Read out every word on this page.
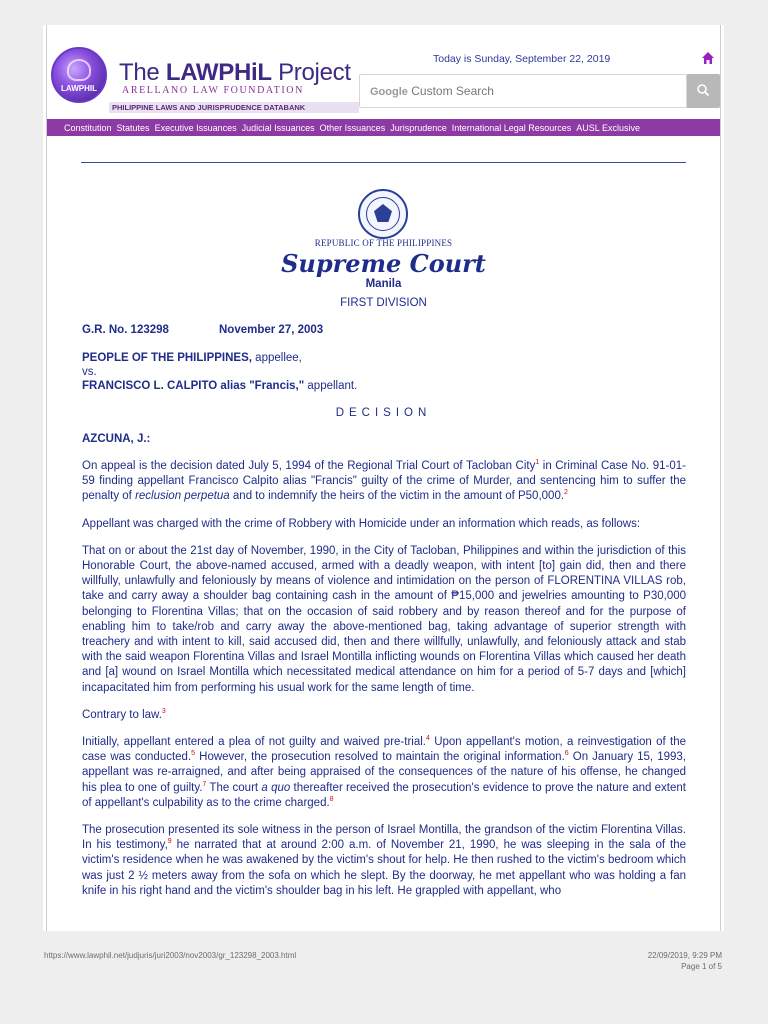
LAWPHIL
The LAWPHiL Project
ARELLANO LAW FOUNDATION
PHILIPPINE LAWS AND JURISPRUDENCE DATABANK
Today is Sunday, September 22, 2019
Google Custom Search
Constitution Statutes Executive Issuances Judicial Issuances Other Issuances Jurisprudence International Legal Resources AUSL Exclusive
REPUBLIC OF THE PHILIPPINES
Supreme Court
Manila
FIRST DIVISION
G.R. No. 123298	November 27, 2003
PEOPLE OF THE PHILIPPINES, appellee,
vs.
FRANCISCO L. CALPITO alias "Francis," appellant.
DECISION
AZCUNA, J.:

On appeal is the decision dated July 5, 1994 of the Regional Trial Court of Tacloban City$^1$ in Criminal Case No. 91-01-59 finding appellant Francisco Calpito alias "Francis" guilty of the crime of Murder, and sentencing him to suffer the penalty of reclusion perpetua and to indemnify the heirs of the victim in the amount of P50,000.$^2$

Appellant was charged with the crime of Robbery with Homicide under an information which reads, as follows:

That on or about the 21st day of November, 1990, in the City of Tacloban, Philippines and within the jurisdiction of this Honorable Court, the above-named accused, armed with a deadly weapon, with intent [to] gain did, then and there willfully, unlawfully and feloniously by means of violence and intimidation on the person of FLORENTINA VILLAS rob, take and carry away a shoulder bag containing cash in the amount of ₱15,000 and jewelries amounting to P30,000 belonging to Florentina Villas; that on the occasion of said robbery and by reason thereof and for the purpose of enabling him to take/rob and carry away the above-mentioned bag, taking advantage of superior strength with treachery and with intent to kill, said accused did, then and there willfully, unlawfully, and feloniously attack and stab with the said weapon Florentina Villas and Israel Montilla inflicting wounds on Florentina Villas which caused her death and [a] wound on Israel Montilla which necessitated medical attendance on him for a period of 5-7 days and [which] incapacitated him from performing his usual work for the same length of time.

Contrary to law.$^3$

Initially, appellant entered a plea of not guilty and waived pre-trial.$^4$ Upon appellant's motion, a reinvestigation of the case was conducted.$^5$ However, the prosecution resolved to maintain the original information.$^6$ On January 15, 1993, appellant was re-arraigned, and after being appraised of the consequences of the nature of his offense, he changed his plea to one of guilty.$^7$ The court a quo thereafter received the prosecution's evidence to prove the nature and extent of appellant's culpability as to the crime charged.$^8$

The prosecution presented its sole witness in the person of Israel Montilla, the grandson of the victim Florentina Villas. In his testimony,$^9$ he narrated that at around 2:00 a.m. of November 21, 1990, he was sleeping in the sala of the victim's residence when he was awakened by the victim's shout for help. He then rushed to the victim's bedroom which was just 2 ½ meters away from the sofa on which he slept. By the doorway, he met appellant who was holding a fan knife in his right hand and the victim's shoulder bag in his left. He grappled with appellant, who

https://www.lawphil.net/judjuris/juri2003/nov2003/gr_123298_2003.html	22/09/2019, 9:29 PM
Page 1 of 5
